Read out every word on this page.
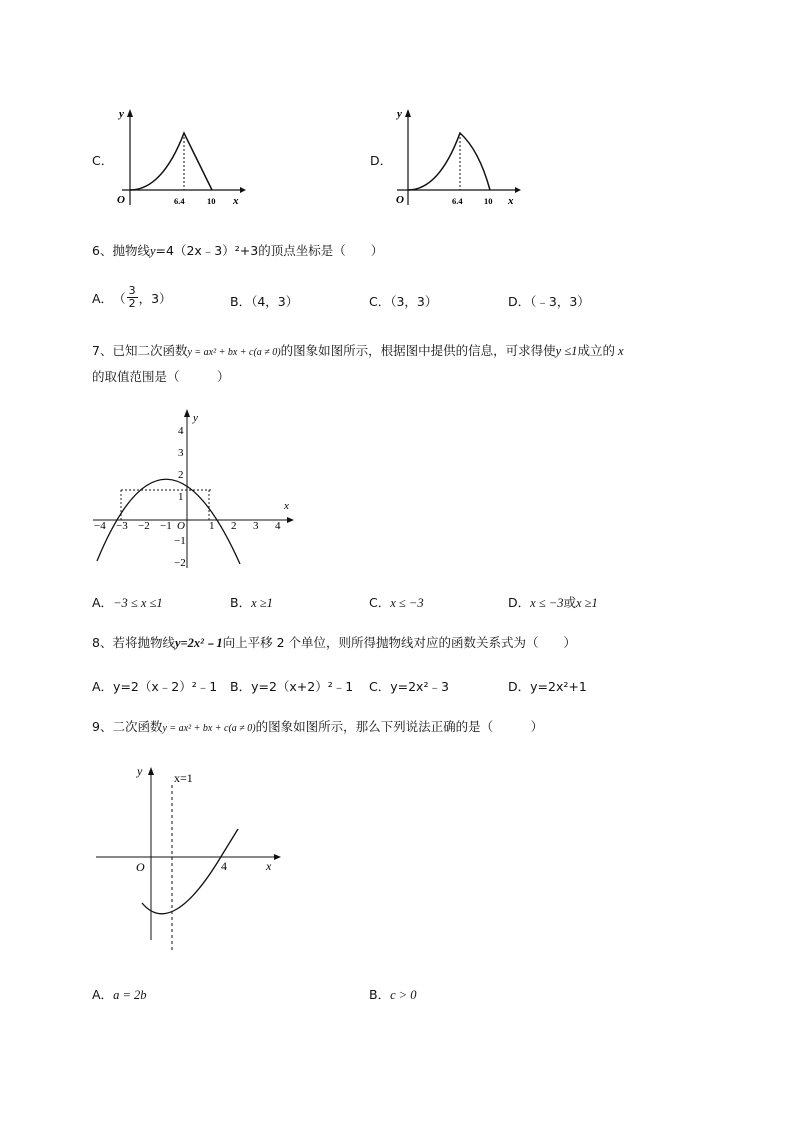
C．
y
x
O	6.4	10
D．
y
x
O	6.4	10
6、抛物线y=4（2x﹣3）²+3的顶点坐标是（　　）
A． （ $\frac{3}{2}$ ，3）	B．（4，3）	C．（3，3）	D．（﹣3，3）
7、已知二次函数y = ax² + bx + c(a ≠ 0)的图象如图所示，根据图中提供的信息，可求得使y ≤1成立的 x
的取值范围是（　　　）
y
x
O
−4 −3 −2 −1	1 2 3 4
4
3
2
1
−1
−2
A．−3 ≤ x ≤1	B．x ≥1	C．x ≤ −3	D．x ≤ −3或x ≥1
8、若将抛物线y=2x²﹣1向上平移 2 个单位，则所得抛物线对应的函数关系式为（　　）
A．y=2（x﹣2）²﹣1 B．y=2（x+2）²﹣1 C．y=2x²﹣3	D．y=2x²+1
9、二次函数y = ax² + bx + c(a ≠ 0)的图象如图所示，那么下列说法正确的是（　　　）
y	x=1
O	4	x
A．a = 2b	B．c > 0
